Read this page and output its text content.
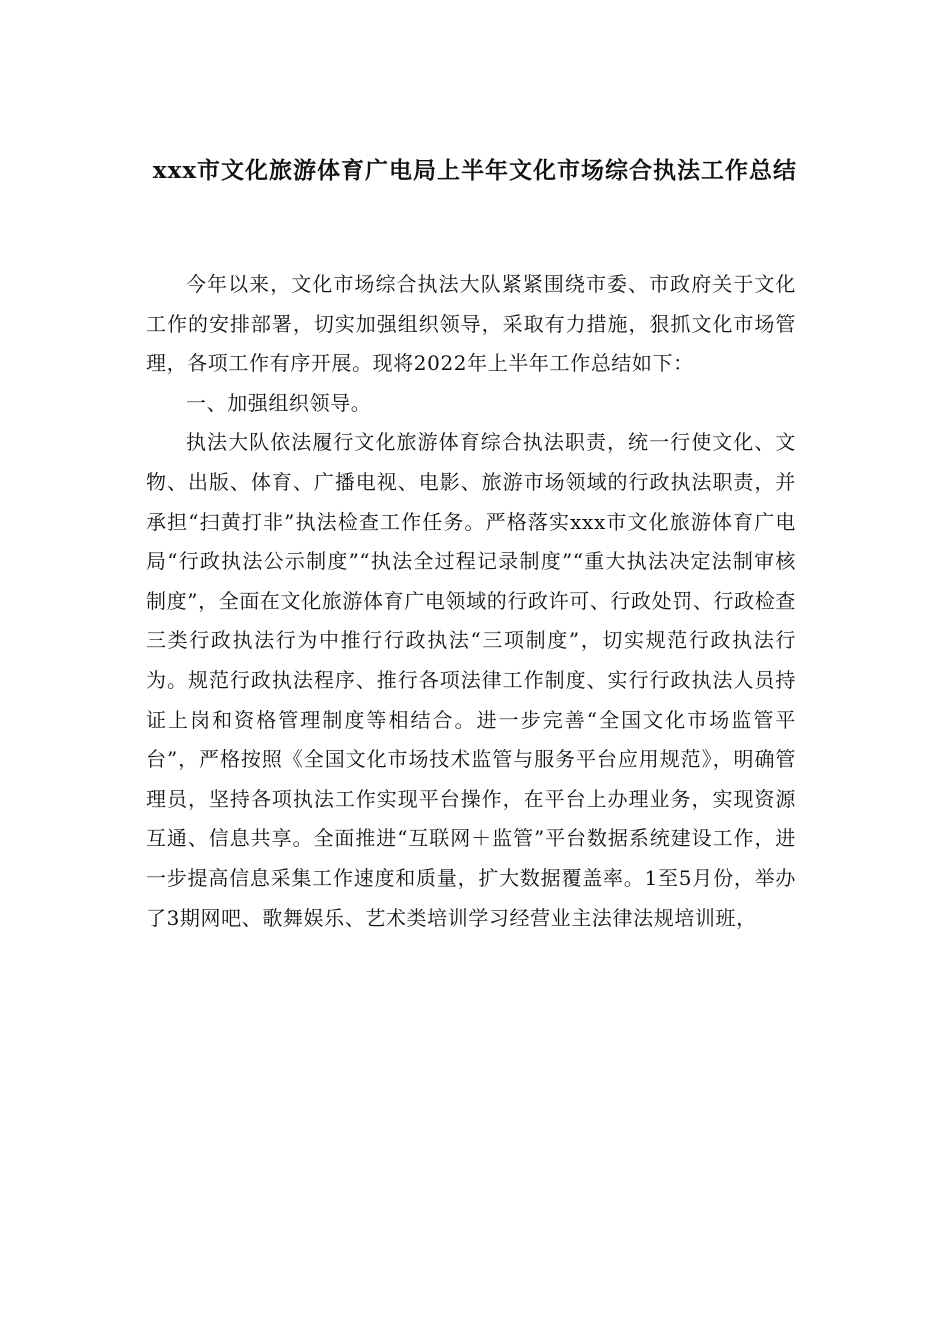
xxx市文化旅游体育广电局上半年文化市场综合执法工作总结

今年以来，文化市场综合执法大队紧紧围绕市委、市政府关于文化工作的安排部署，切实加强组织领导，采取有力措施，狠抓文化市场管理，各项工作有序开展。现将2022年上半年工作总结如下：

一、加强组织领导。

执法大队依法履行文化旅游体育综合执法职责，统一行使文化、文物、出版、体育、广播电视、电影、旅游市场领域的行政执法职责，并承担“扫黄打非”执法检查工作任务。严格落实xxx市文化旅游体育广电局“行政执法公示制度”“执法全过程记录制度”“重大执法决定法制审核制度”，全面在文化旅游体育广电领域的行政许可、行政处罚、行政检查三类行政执法行为中推行行政执法“三项制度”，切实规范行政执法行为。规范行政执法程序、推行各项法律工作制度、实行行政执法人员持证上岗和资格管理制度等相结合。进一步完善“全国文化市场监管平台”，严格按照《全国文化市场技术监管与服务平台应用规范》，明确管理员，坚持各项执法工作实现平台操作，在平台上办理业务，实现资源互通、信息共享。全面推进“互联网＋监管”平台数据系统建设工作，进一步提高信息采集工作速度和质量，扩大数据覆盖率。1至5月份，举办了3期网吧、歌舞娱乐、艺术类培训学习经营业主法律法规培训班，
